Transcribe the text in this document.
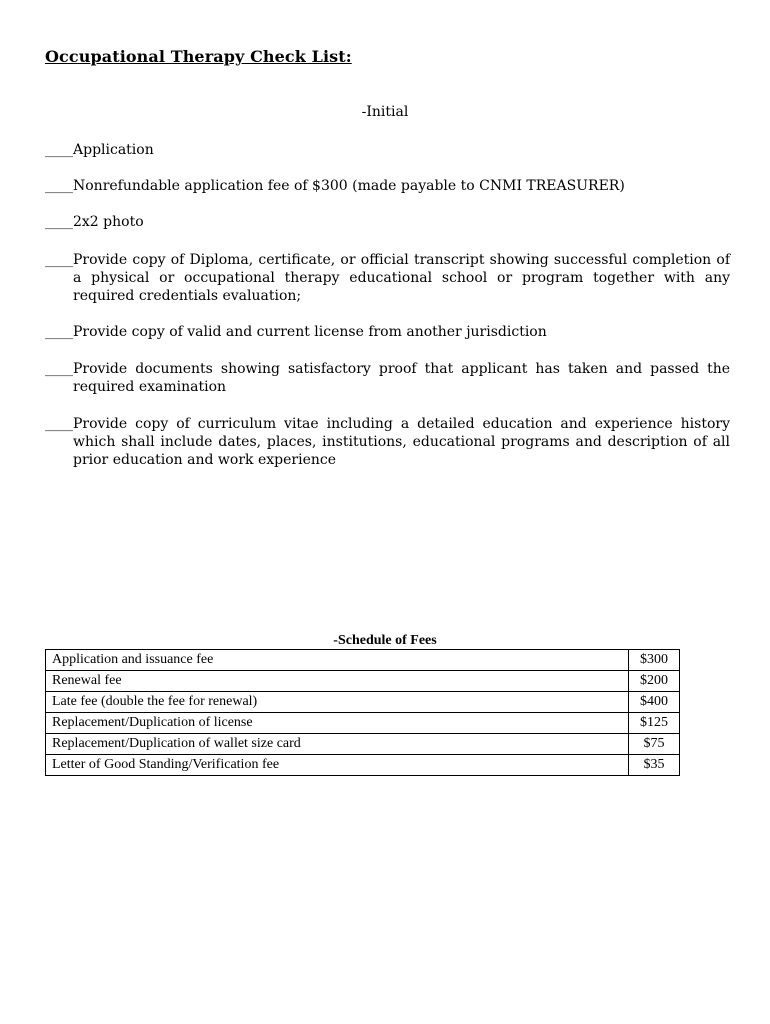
Occupational Therapy Check List:
-Initial
____Application
____Nonrefundable application fee of $300 (made payable to CNMI TREASURER)
____2x2 photo
____Provide copy of Diploma, certificate, or official transcript showing successful completion of a physical or occupational therapy educational school or program together with any required credentials evaluation;
____Provide copy of valid and current license from another jurisdiction
____Provide documents showing satisfactory proof that applicant has taken and passed the required examination
____Provide copy of curriculum vitae including a detailed education and experience history which shall include dates, places, institutions, educational programs and description of all prior education and work experience
-Schedule of Fees
Application and issuance fee	$300
Renewal fee	$200
Late fee (double the fee for renewal)	$400
Replacement/Duplication of license	$125
Replacement/Duplication of wallet size card	$75
Letter of Good Standing/Verification fee	$35
